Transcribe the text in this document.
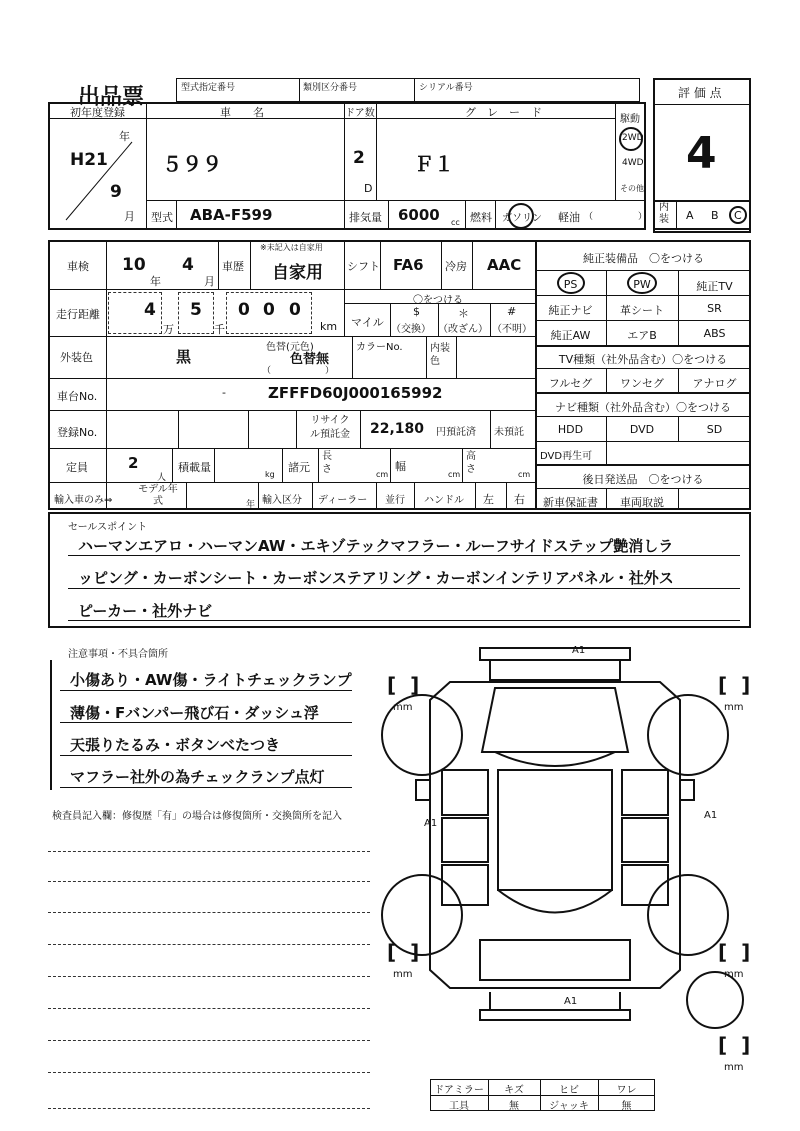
出品票	型式指定番号	類別区分番号	シリアル番号	評 価 点
4
初年度登録
年
H21
9
月
車　　名
５９９
ドア数
2
D
グ　レ　ー　ド
Ｆ１
駆動
2WD
4WD
その他
型式 ABA-F599	排気量 6000 cc 燃料 ガソリン 軽油 （　　　　　）
内装 A B C
車検 10
年
4
月
車歴
※未記入は自家用
自家用 シフト FA6 冷房 AAC
走行距離	4
万
5
千
0 0 0
km
〇をつける
マイル
$
（交換）
＊
（改ざん）
#
（不明）
外装色	黒
色替(元色)
色替無
（　　　　　　）
カラーNo.	内装色
車台No.	-	ZFFFD60J000165992
登録No.
リサイクル預託金 22,180 円預託済 未預託
定員	2
人
積載量
kg
諸元
長さ	cm
幅
cm
高さ	cm
輸入車のみ⇒
モデル年式	年 輸入区分 ディーラー 並行 ハンドル 左 右
純正装備品　〇をつける
PS	PW	純正TV
純正ナビ	革シート	SR
純正AW	エアB	ABS
TV種類（社外品含む）〇をつける
フルセグ	ワンセグ	アナログ
ナビ種類（社外品含む）〇をつける
HDD	DVD	SD
DVD再生可
後日発送品　〇をつける
新車保証書	車両取説
セールスポイント
ハーマンエアロ・ハーマンAW・エキゾテックマフラー・ルーフサイドステップ艶消しラ
ッピング・カーボンシート・カーボンステアリング・カーボンインテリアパネル・社外ス
ピーカー・社外ナビ
注意事項・不具合箇所
小傷あり・AW傷・ライトチェックランプ
薄傷・Fバンパー飛び石・ダッシュ浮
天張りたるみ・ボタンべたつき
マフラー社外の為チェックランプ点灯
検査員記入欄：修復歴「有」の場合は修復箇所・交換箇所を記入
A1
A1
A1
A1
[  ]
mm
[  ]
mm
[  ]
mm
[  ]
mm
[  ]
mm
ドアミラー	キズ	ヒビ	ワレ
工具	無	ジャッキ	無
